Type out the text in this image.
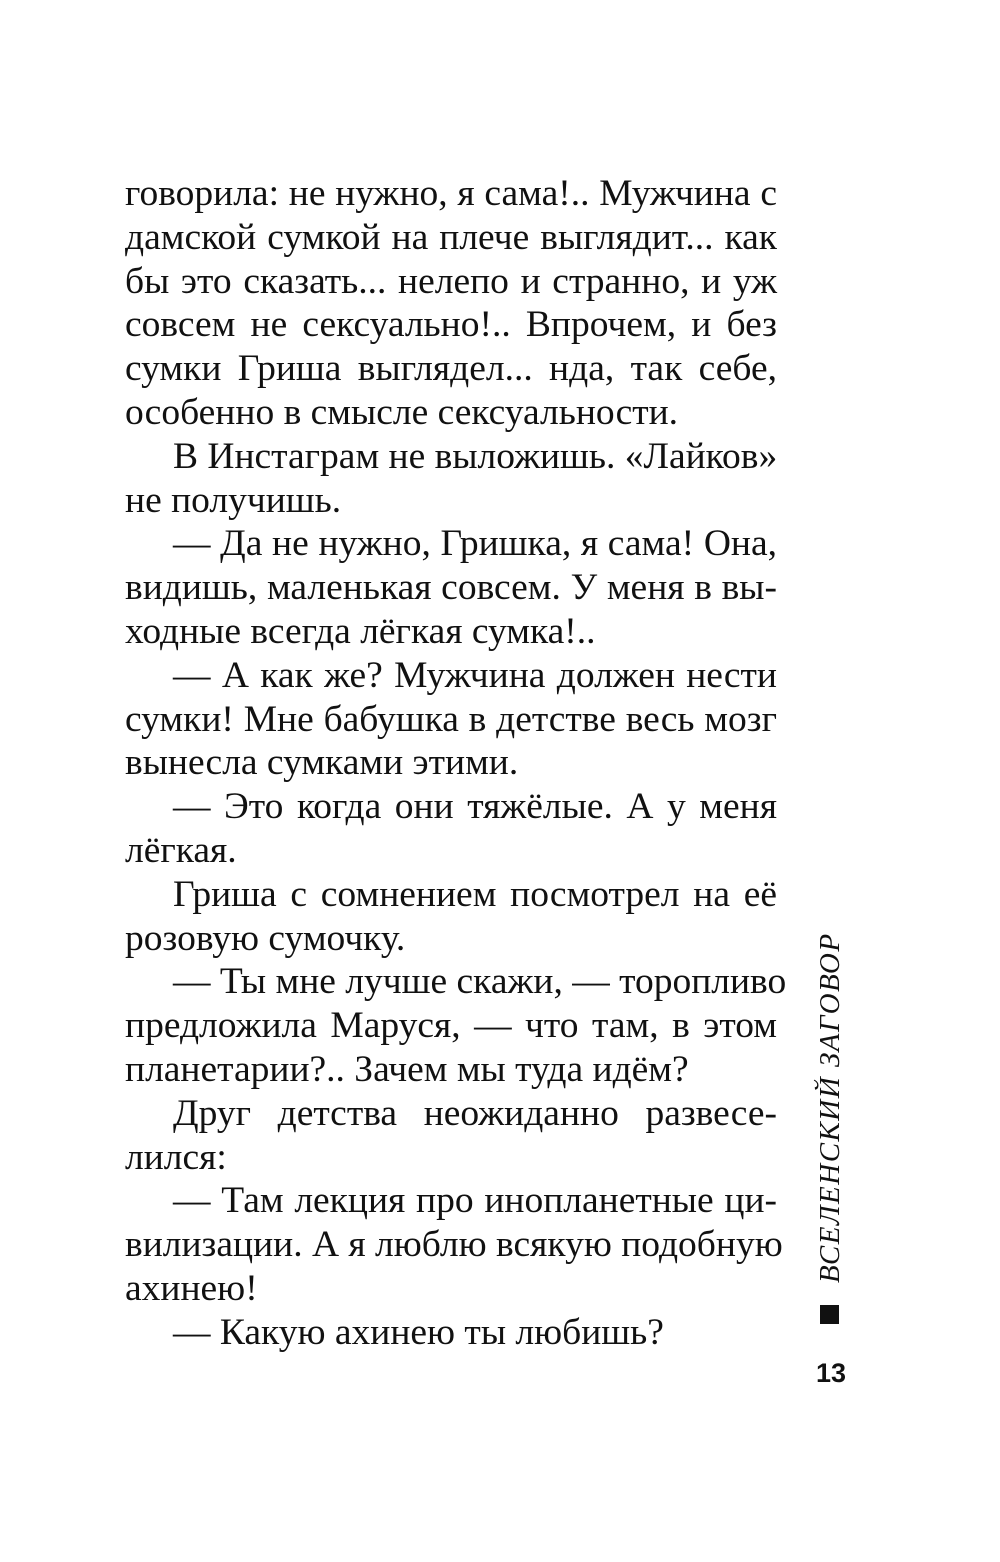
говорила: не нужно, я сама!.. Мужчина с
дамской сумкой на плече выглядит... как
бы это сказать... нелепо и странно, и уж
совсем не сексуально!.. Впрочем, и без
сумки Гриша выглядел... нда, так себе,
особенно в смысле сексуальности.
В Инстаграм не выложишь. «Лайков»
не получишь.
— Да не нужно, Гришка, я сама! Она,
видишь, маленькая совсем. У меня в вы-
ходные всегда лёгкая сумка!..
— А как же? Мужчина должен нести
сумки! Мне бабушка в детстве весь мозг
вынесла сумками этими.
— Это когда они тяжёлые. А у меня
лёгкая.
Гриша с сомнением посмотрел на её
розовую сумочку.
— Ты мне лучше скажи, — торопливо
предложила Маруся, — что там, в этом
планетарии?.. Зачем мы туда идём?
Друг детства неожиданно развесе-
лился:
— Там лекция про инопланетные ци-
вилизации. А я люблю всякую подобную
ахинею!
— Какую ахинею ты любишь?
ВСЕЛЕНСКИЙ ЗАГОВОР
13
